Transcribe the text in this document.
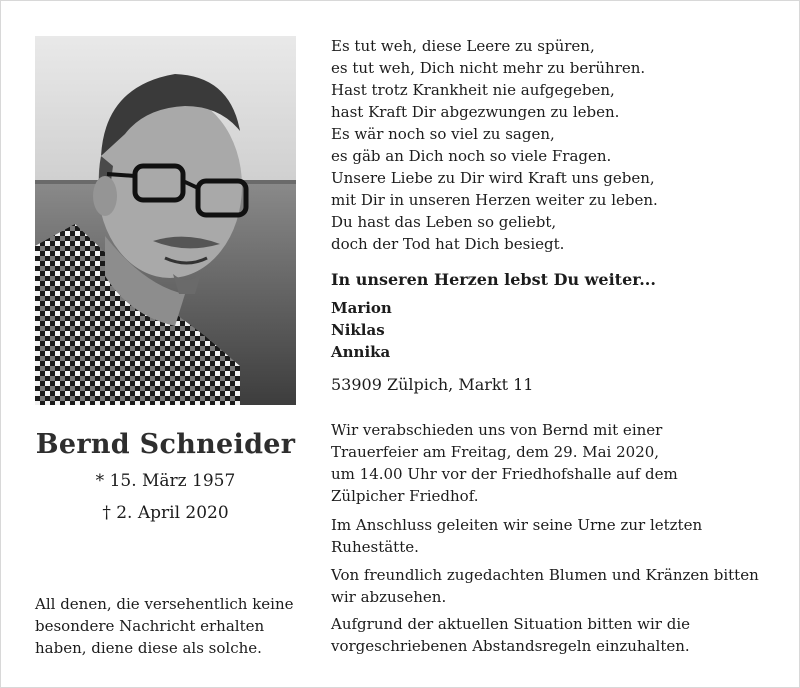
Bernd Schneider
* 15. März 1957
† 2. April 2020
All denen, die versehentlich keine
besondere Nachricht erhalten
haben, diene diese als solche.
Es tut weh, diese Leere zu spüren,
es tut weh, Dich nicht mehr zu berühren.
Hast trotz Krankheit nie aufgegeben,
hast Kraft Dir abgezwungen zu leben.
Es wär noch so viel zu sagen,
es gäb an Dich noch so viele Fragen.
Unsere Liebe zu Dir wird Kraft uns geben,
mit Dir in unseren Herzen weiter zu leben.
Du hast das Leben so geliebt,
doch der Tod hat Dich besiegt.
In unseren Herzen lebst Du weiter...
Marion
Niklas
Annika
53909 Zülpich, Markt 11
Wir verabschieden uns von Bernd mit einer
Trauerfeier am Freitag, dem 29. Mai 2020,
um 14.00 Uhr vor der Friedhofshalle auf dem
Zülpicher Friedhof.
Im Anschluss geleiten wir seine Urne zur letzten
Ruhestätte.
Von freundlich zugedachten Blumen und Kränzen bitten
wir abzusehen.
Aufgrund der aktuellen Situation bitten wir die
vorgeschriebenen Abstandsregeln einzuhalten.
